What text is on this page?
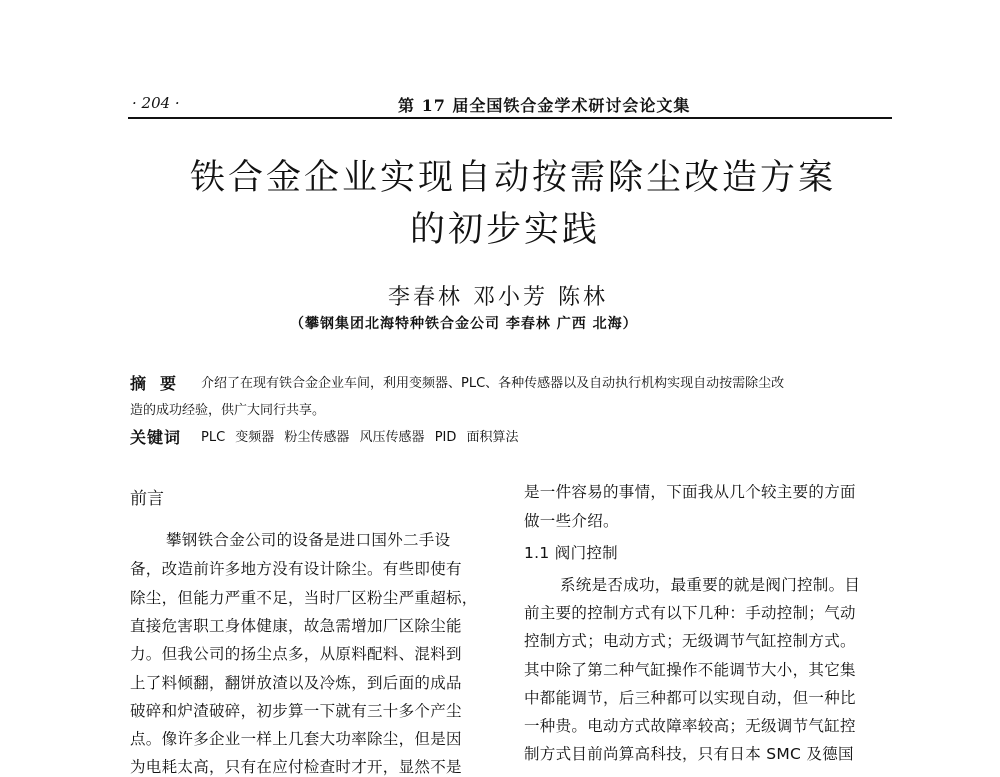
· 204 ·	第 17 届全国铁合金学术研讨会论文集
铁合金企业实现自动按需除尘改造方案
的初步实践
李春林 邓小芳 陈林
（攀钢集团北海特种铁合金公司 李春林 广西 北海）
摘要 介绍了在现有铁合金企业车间，利用变频器、PLC、各种传感器以及自动执行机构实现自动按需除尘改
造的成功经验，供广大同行共享。
关键词 PLC 变频器 粉尘传感器 风压传感器 PID 面积算法
前言
攀钢铁合金公司的设备是进口国外二手设
备，改造前许多地方没有设计除尘。有些即使有
除尘，但能力严重不足，当时厂区粉尘严重超标，
直接危害职工身体健康，故急需增加厂区除尘能
力。但我公司的扬尘点多，从原料配料、混料到
上了料倾翻，翻饼放渣以及冷炼，到后面的成品
破碎和炉渣破碎，初步算一下就有三十多个产尘
点。像许多企业一样上几套大功率除尘，但是因
为电耗太高，只有在应付检查时才开，显然不是
是一件容易的事情，下面我从几个较主要的方面
做一些介绍。
1.1 阀门控制
系统是否成功，最重要的就是阀门控制。目
前主要的控制方式有以下几种：手动控制；气动
控制方式；电动方式；无级调节气缸控制方式。
其中除了第二种气缸操作不能调节大小，其它集
中都能调节，后三种都可以实现自动，但一种比
一种贵。电动方式故障率较高；无级调节气缸控
制方式目前尚算高科技，只有日本 SMC 及德国
